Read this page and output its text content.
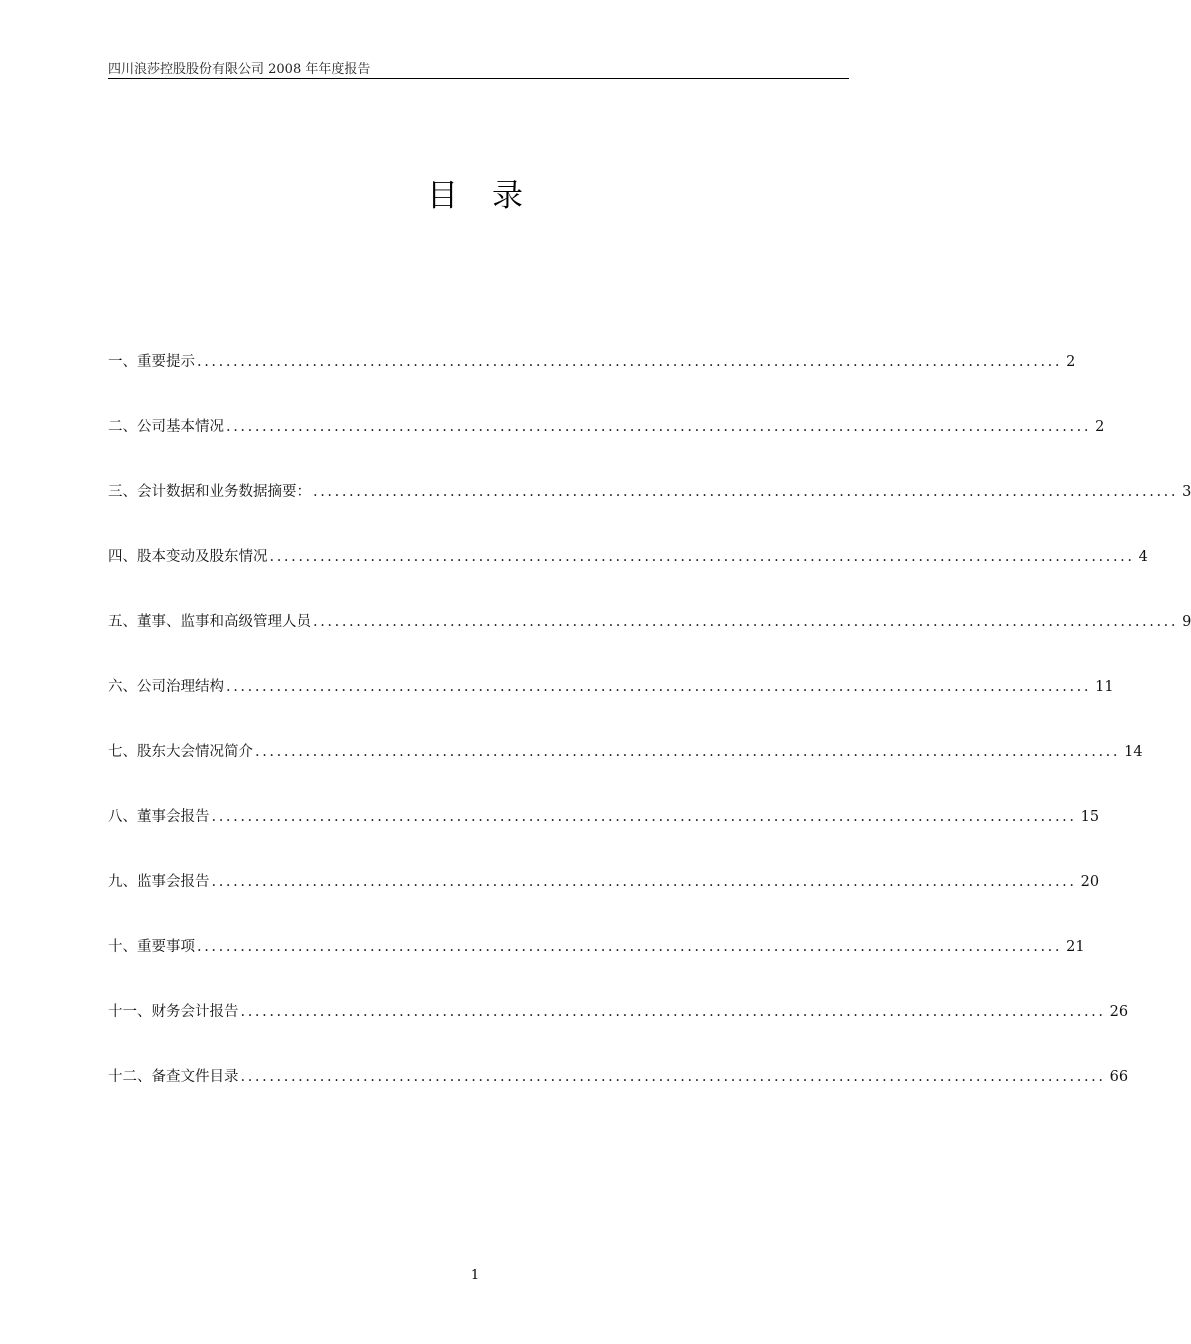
四川浪莎控股股份有限公司 2008 年年度报告
目录
一、重要提示 ........................................................................................................................ 2
二、公司基本情况 ........................................................................................................................ 2
三、会计数据和业务数据摘要： ........................................................................................................................ 3
四、股本变动及股东情况 ........................................................................................................................ 4
五、董事、监事和高级管理人员 ........................................................................................................................ 9
六、公司治理结构 ........................................................................................................................ 11
七、股东大会情况简介 ........................................................................................................................ 14
八、董事会报告 ........................................................................................................................ 15
九、监事会报告 ........................................................................................................................ 20
十、重要事项 ........................................................................................................................ 21
十一、财务会计报告 ........................................................................................................................ 26
十二、备查文件目录 ........................................................................................................................ 66
1
